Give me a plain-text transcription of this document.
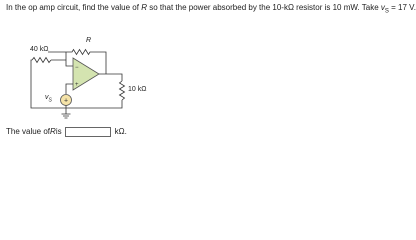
In the op amp circuit, find the value of R so that the power absorbed by the 10-kΩ resistor is 10 mW. Take $v_S = 17$ V.
+
−
+
R
40 kΩ
10 kΩ
$v_S$
The value of R is	kΩ.
